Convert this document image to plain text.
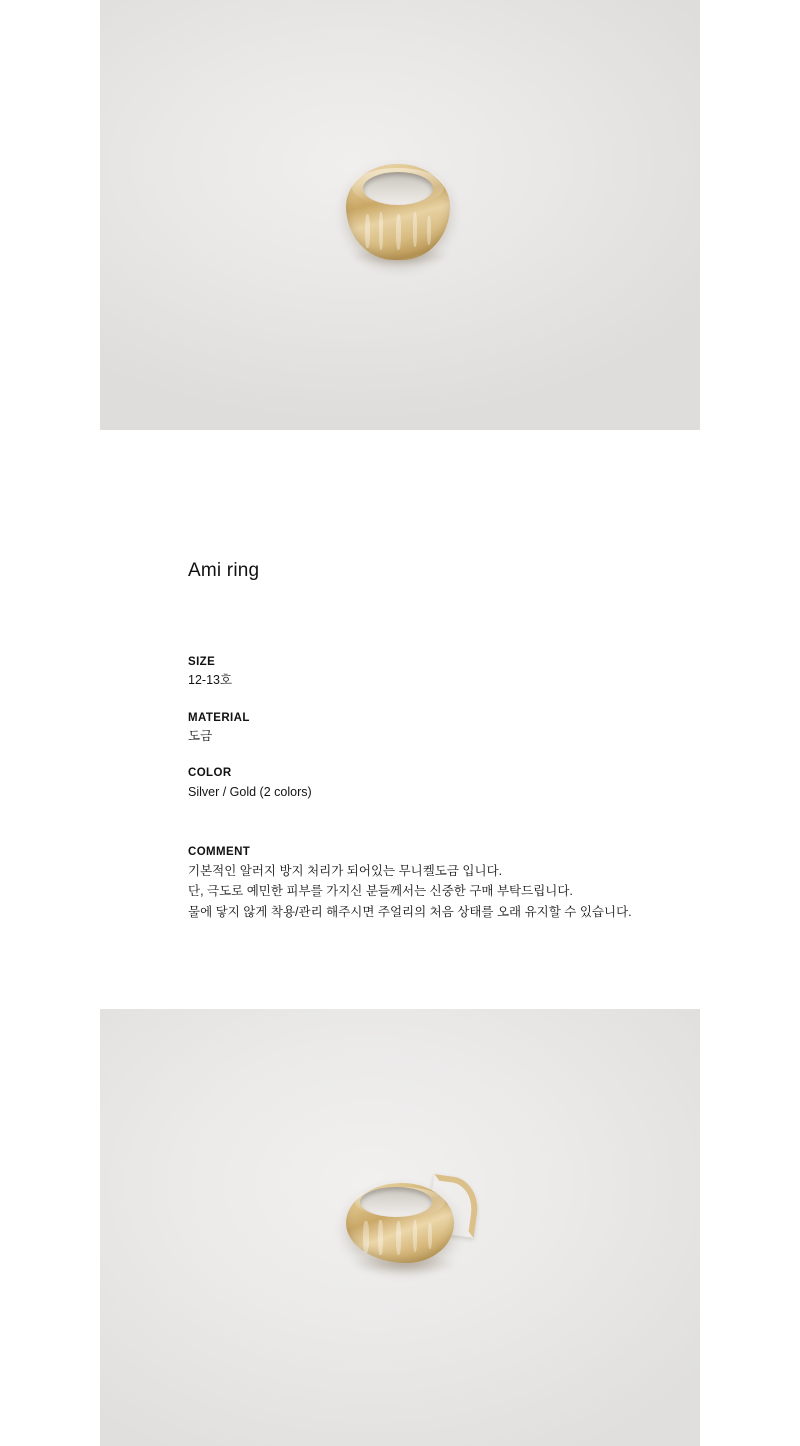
Ami ring
SIZE
12-13호
MATERIAL
도금
COLOR
Silver / Gold (2 colors)
COMMENT
기본적인 알러지 방지 처리가 되어있는 무니켈도금 입니다.
단, 극도로 예민한 피부를 가지신 분들께서는 신중한 구매 부탁드립니다.
물에 닿지 않게 착용/관리 해주시면 주얼리의 처음 상태를 오래 유지할 수 있습니다.
